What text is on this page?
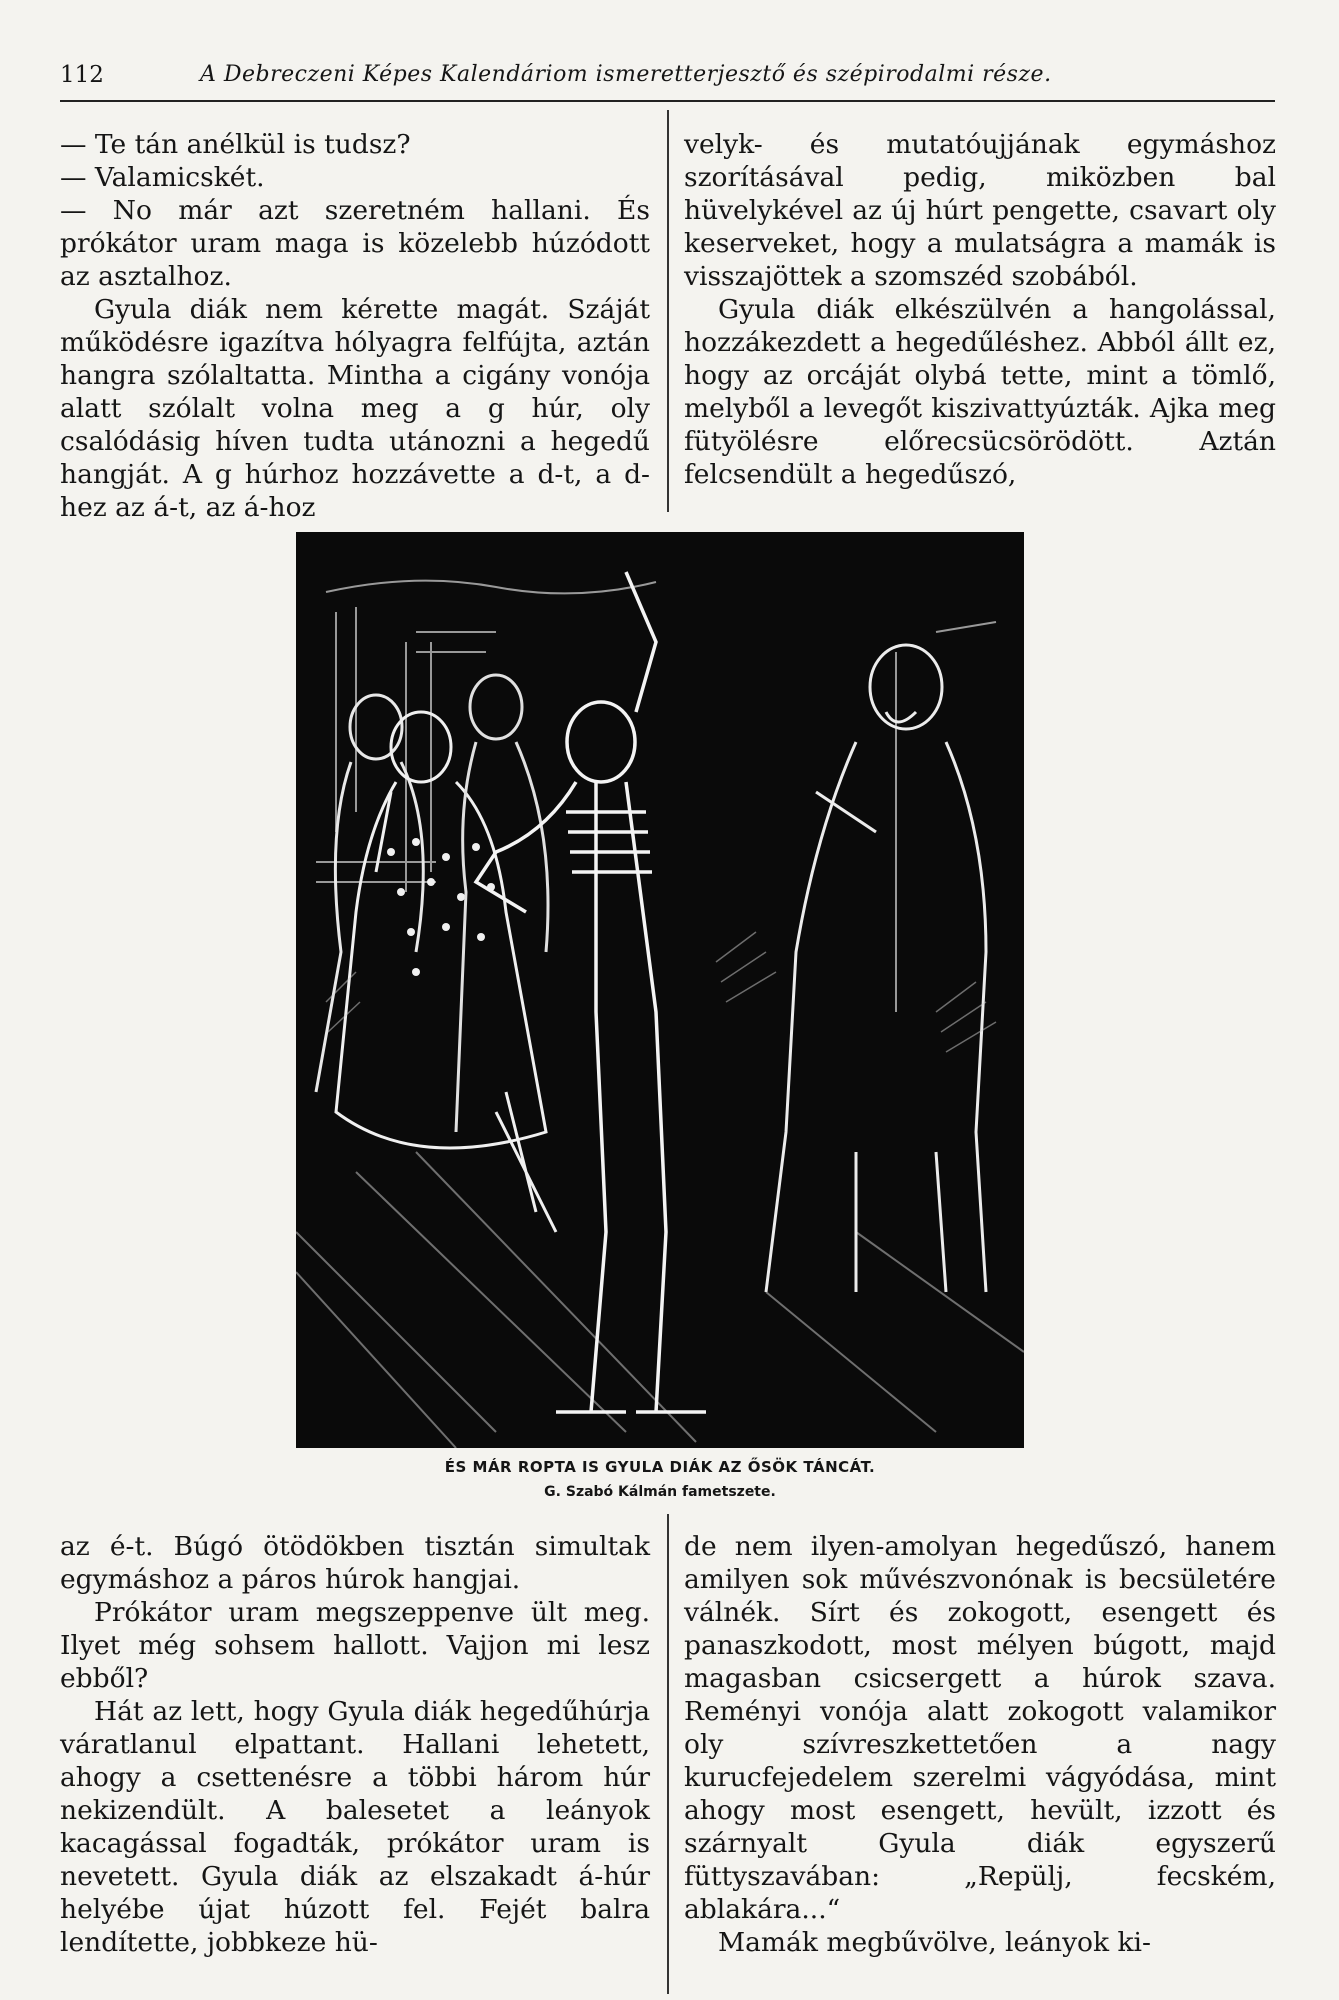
112	A Debreczeni Képes Kalendáriom ismeretterjesztő és szépirodalmi része.

— Te tán anélkül is tudsz?

— Valamicskét.

— No már azt szeretném hallani. És prókátor uram maga is közelebb húzódott az asztalhoz.

Gyula diák nem kérette magát. Száját működésre igazítva hólyagra felfújta, aztán hangra szólaltatta. Mintha a cigány vonója alatt szólalt volna meg a g húr, oly csalódásig híven tudta utánozni a hegedű hangját. A g húrhoz hozzávette a d-t, a d-hez az á-t, az á-hoz

velyk- és mutatóujjának egymáshoz szorításával pedig, miközben bal hüvelykével az új húrt pengette, csavart oly keserveket, hogy a mulatságra a mamák is visszajöttek a szomszéd szobából.

Gyula diák elkészülvén a hangolással, hozzákezdett a hegedűléshez. Abból állt ez, hogy az orcáját olybá tette, mint a tömlő, melyből a levegőt kiszivattyúzták. Ajka meg fütyölésre előrecsücsörödött. Aztán felcsendült a hegedűszó,

ÉS MÁR ROPTA IS GYULA DIÁK AZ ŐSÖK TÁNCÁT.
G. Szabó Kálmán fametszete.

az é-t. Búgó ötödökben tisztán simultak egymáshoz a páros húrok hangjai.

Prókátor uram megszeppenve ült meg. Ilyet még sohsem hallott. Vajjon mi lesz ebből?

Hát az lett, hogy Gyula diák hegedűhúrja váratlanul elpattant. Hallani lehetett, ahogy a csettenésre a többi három húr nekizendült. A balesetet a leányok kacagással fogadták, prókátor uram is nevetett. Gyula diák az elszakadt á-húr helyébe újat húzott fel. Fejét balra lendítette, jobbkeze hü-

de nem ilyen-amolyan hegedűszó, hanem amilyen sok művészvonónak is becsületére válnék. Sírt és zokogott, esengett és panaszkodott, most mélyen búgott, majd magasban csicsergett a húrok szava. Reményi vonója alatt zokogott valamikor oly szívreszkettetően a nagy kurucfejedelem szerelmi vágyódása, mint ahogy most esengett, hevült, izzott és szárnyalt Gyula diák egyszerű füttyszavában: „Repülj, fecském, ablakára...“

Mamák megbűvölve, leányok ki-
